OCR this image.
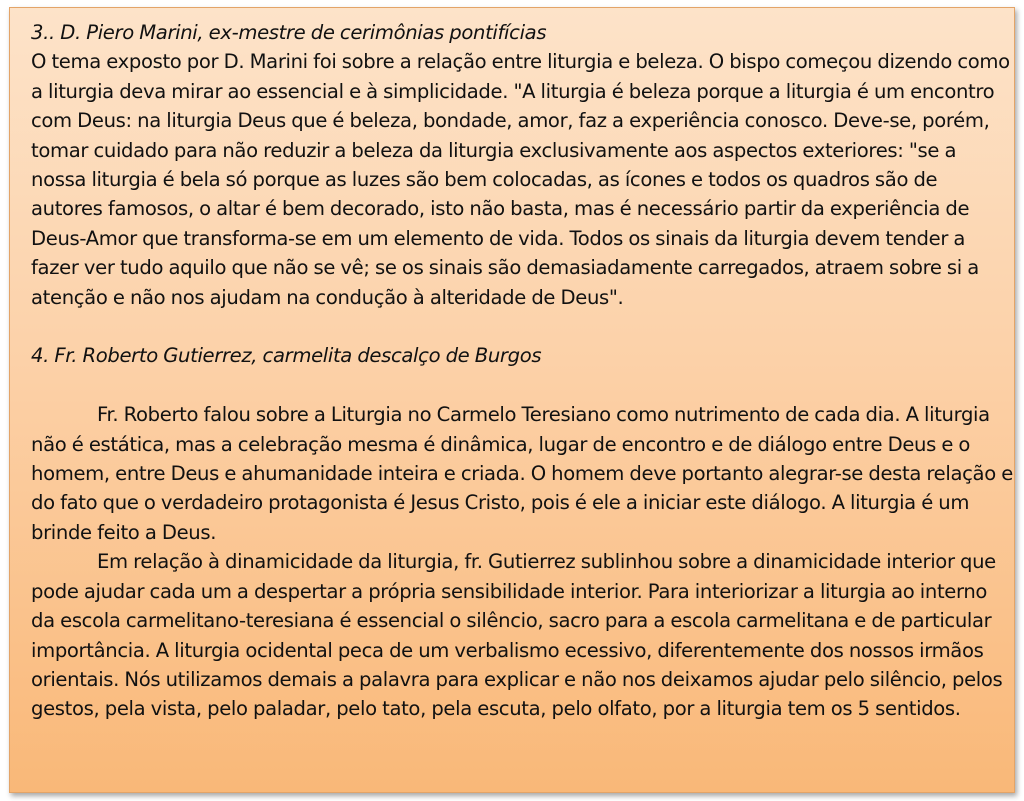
3.. D. Piero Marini, ex-mestre de cerimônias pontifícias

O tema exposto por D. Marini foi sobre a relação entre liturgia e beleza. O bispo começou dizendo como a liturgia deva mirar ao essencial e à simplicidade. "A liturgia é beleza porque a liturgia é um encontro com Deus: na liturgia Deus que é beleza, bondade, amor, faz a experiência conosco. Deve-se, porém, tomar cuidado para não reduzir a beleza da liturgia exclusivamente aos aspectos exteriores: "se a nossa liturgia é bela só porque as luzes são bem colocadas, as ícones e todos os quadros são de autores famosos, o altar é bem decorado, isto não basta, mas é necessário partir da experiência de Deus-Amor que transforma-se em um elemento de vida. Todos os sinais da liturgia devem tender a fazer ver tudo aquilo que não se vê; se os sinais são demasiadamente carregados, atraem sobre si a atenção e não nos ajudam na condução à alteridade de Deus".

4. Fr. Roberto Gutierrez, carmelita descalço de Burgos

Fr. Roberto falou sobre a Liturgia no Carmelo Teresiano como nutrimento de cada dia. A liturgia não é estática, mas a celebração mesma é dinâmica, lugar de encontro e de diálogo entre Deus e o homem, entre Deus e ahumanidade inteira e criada. O homem deve portanto alegrar-se desta relação e do fato que o verdadeiro protagonista é Jesus Cristo, pois é ele a iniciar este diálogo. A liturgia é um brinde feito a Deus.

Em relação à dinamicidade da liturgia, fr. Gutierrez sublinhou sobre a dinamicidade interior que pode ajudar cada um a despertar a própria sensibilidade interior. Para interiorizar a liturgia ao interno da escola carmelitano-teresiana é essencial o silêncio, sacro para a escola carmelitana e de particular importância. A liturgia ocidental peca de um verbalismo ecessivo, diferentemente dos nossos irmãos orientais. Nós utilizamos demais a palavra para explicar e não nos deixamos ajudar pelo silêncio, pelos gestos, pela vista, pelo paladar, pelo tato, pela escuta, pelo olfato, por a liturgia tem os 5 sentidos.
